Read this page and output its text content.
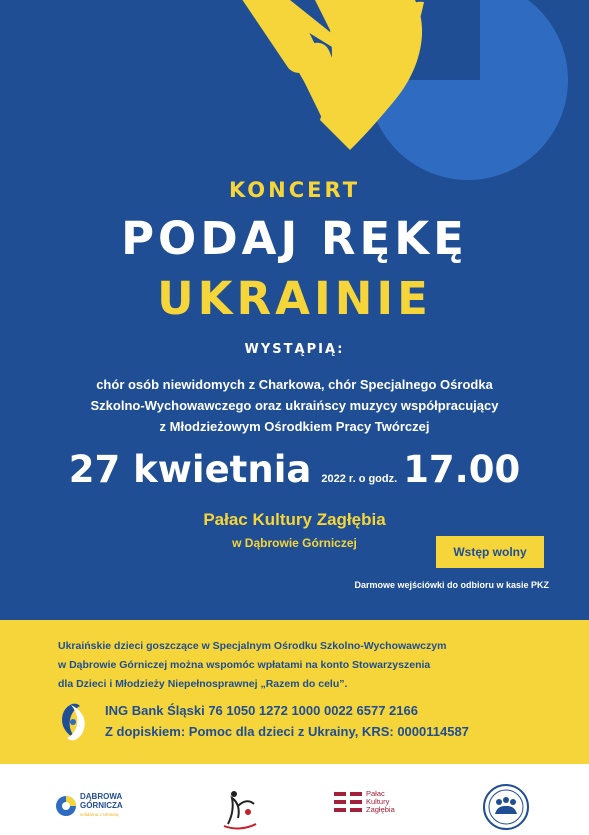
KONCERT
PODAJ RĘKĘ
UKRAINIE
WYSTĄPIĄ:
chór osób niewidomych z Charkowa, chór Specjalnego Ośrodka
Szkolno-Wychowawczego oraz ukraińscy muzycy współpracujący
z Młodzieżowym Ośrodkiem Pracy Twórczej
27 kwietnia 2022 r. o godz. 17.00
Pałac Kultury Zagłębia
w Dąbrowie Górniczej
Wstęp wolny
Darmowe wejściówki do odbioru w kasie PKZ
Ukraińskie dzieci goszczące w Specjalnym Ośrodku Szkolno-Wychowawczym
w Dąbrowie Górniczej można wspomóc wpłatami na konto Stowarzyszenia
dla Dzieci i Młodzieży Niepełnosprawnej „Razem do celu”.
ING Bank Śląski 76 1050 1272 1000 0022 6577 2166
Z dopiskiem: Pomoc dla dzieci z Ukrainy, KRS: 0000114587
DĄBROWA
GÓRNICZA
solidarna z Ukrainą
Pałac
Kultury
Zagłębia
